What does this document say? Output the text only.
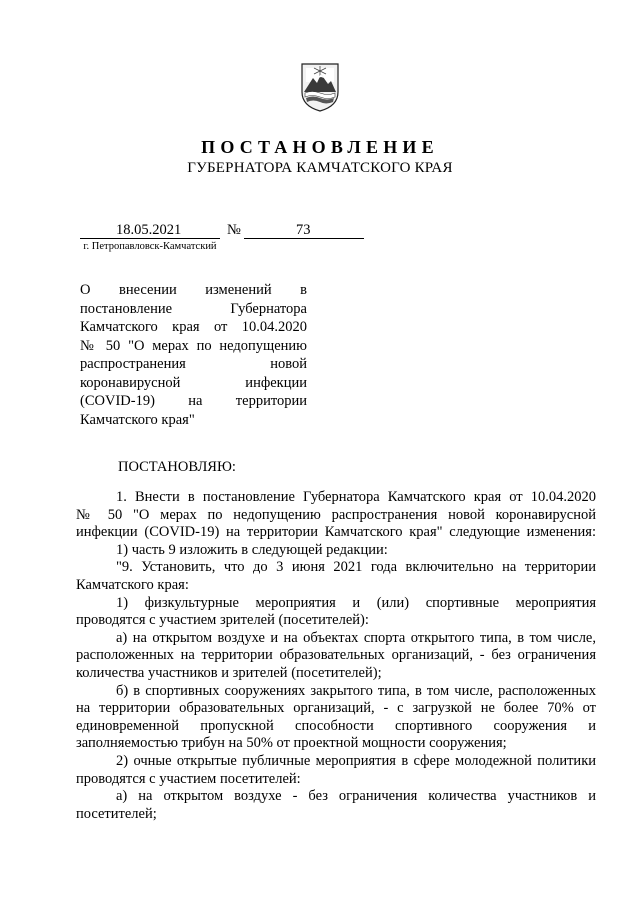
ПОСТАНОВЛЕНИЕ
ГУБЕРНАТОРА КАМЧАТСКОГО КРАЯ
18.05.2021	№	73
г. Петропавловск-Камчатский
О внесении изменений в
постановление Губернатора
Камчатского края от 10.04.2020
№ 50 "О мерах по недопущению
распространения новой
коронавирусной инфекции
(COVID-19) на территории
Камчатского края"
ПОСТАНОВЛЯЮ:
1. Внести в постановление Губернатора Камчатского края от 10.04.2020
№ 50 "О мерах по недопущению распространения новой коронавирусной
инфекции (COVID-19) на территории Камчатского края" следующие изменения:
1) часть 9 изложить в следующей редакции:
"9. Установить, что до 3 июня 2021 года включительно на территории
Камчатского края:
1) физкультурные мероприятия и (или) спортивные мероприятия
проводятся с участием зрителей (посетителей):
а) на открытом воздухе и на объектах спорта открытого типа, в том числе,
расположенных на территории образовательных организаций, - без ограничения
количества участников и зрителей (посетителей);
б) в спортивных сооружениях закрытого типа, в том числе, расположенных
на территории образовательных организаций, - с загрузкой не более 70% от
единовременной пропускной способности спортивного сооружения и
заполняемостью трибун на 50% от проектной мощности сооружения;
2) очные открытые публичные мероприятия в сфере молодежной политики
проводятся с участием посетителей:
а) на открытом воздухе - без ограничения количества участников и
посетителей;
